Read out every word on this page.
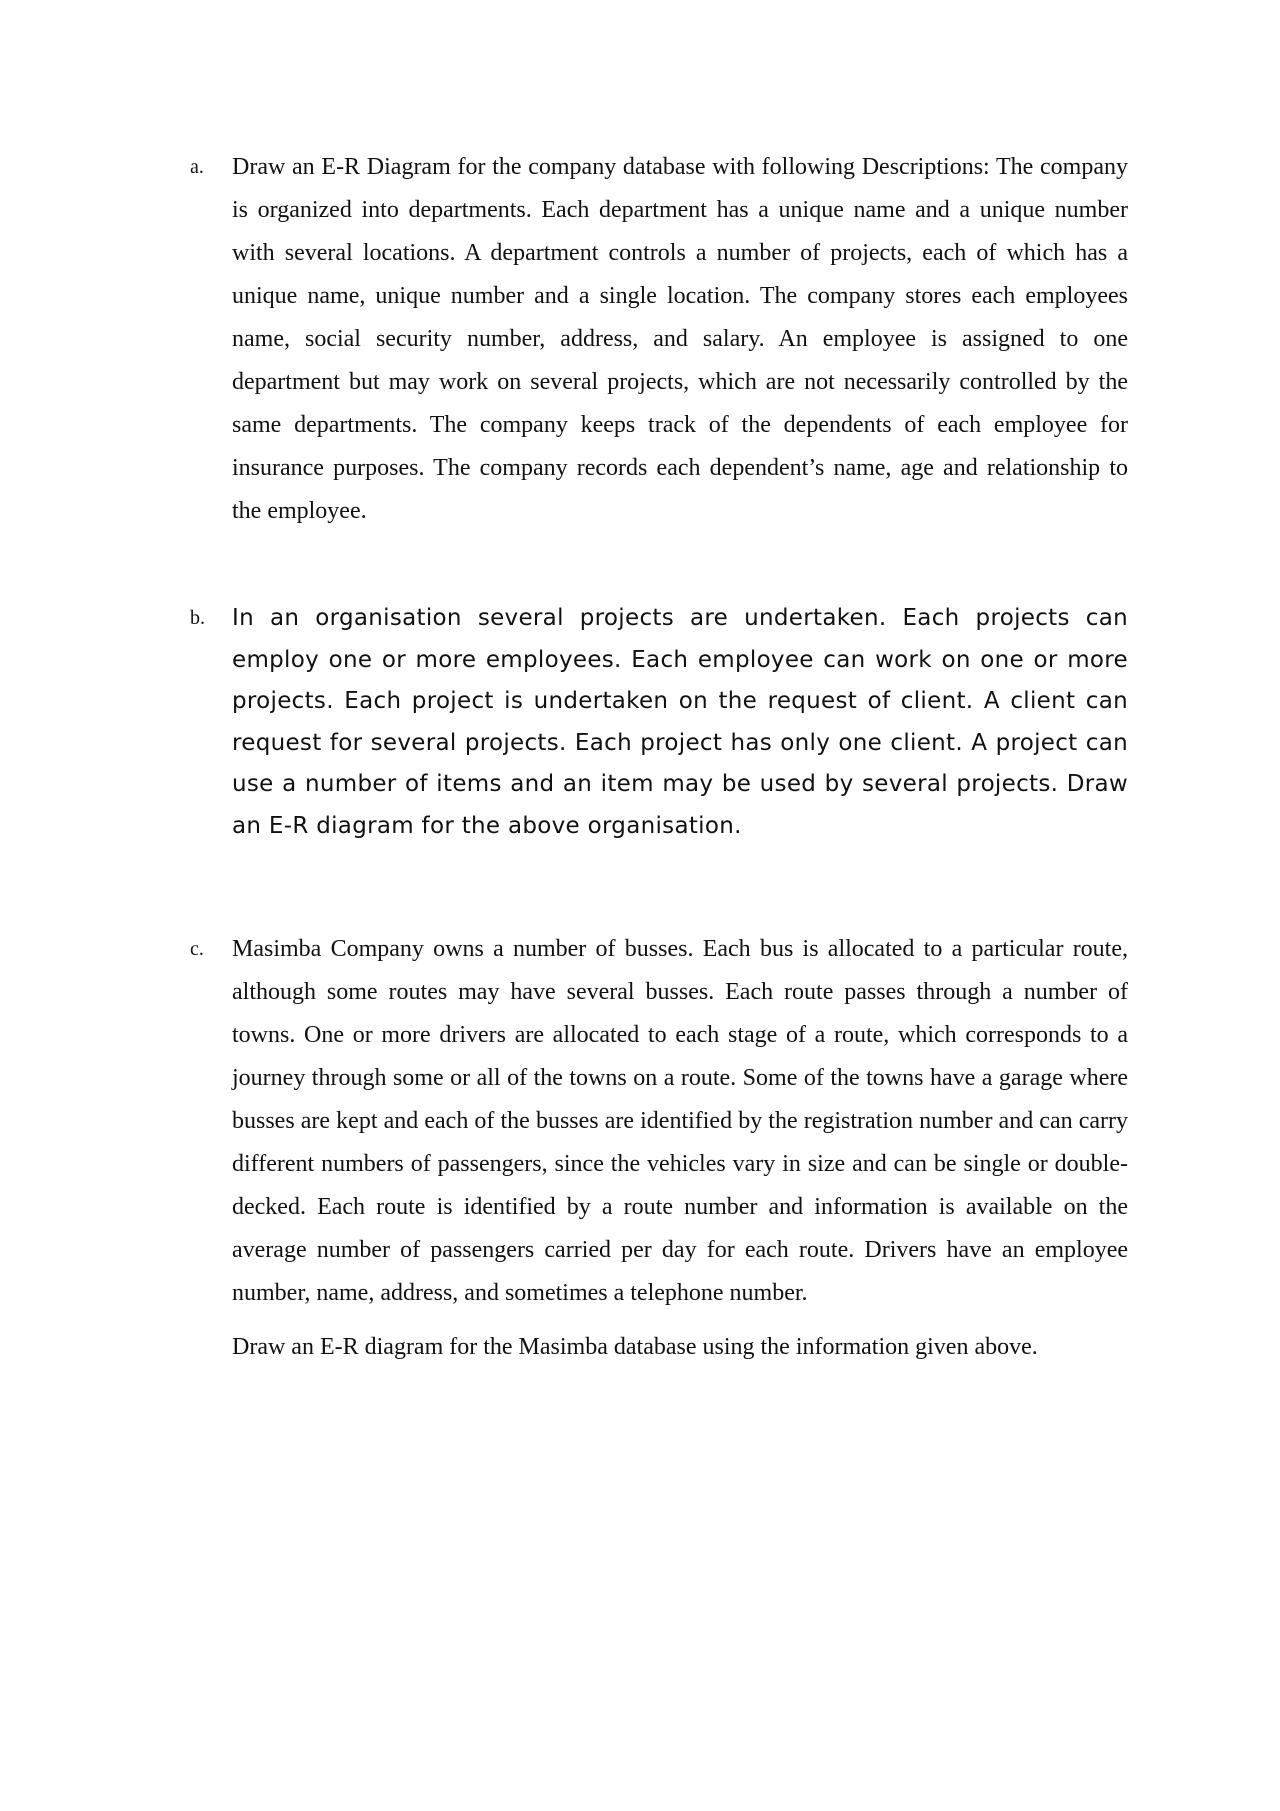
a.	Draw an E-R Diagram for the company database with following Descriptions: The company is organized into departments. Each department has a unique name and a unique number with several locations. A department controls a number of projects, each of which has a unique name, unique number and a single location. The company stores each employees name, social security number, address, and salary. An employee is assigned to one department but may work on several projects, which are not necessarily controlled by the same departments. The company keeps track of the dependents of each employee for insurance purposes. The company records each dependent’s name, age and relationship to the employee.

b.	In an organisation several projects are undertaken. Each projects can employ one or more employees. Each employee can work on one or more projects. Each project is undertaken on the request of client. A client can request for several projects. Each project has only one client. A project can use a number of items and an item may be used by several projects. Draw an E-R diagram for the above organisation.

c.	Masimba Company owns a number of busses. Each bus is allocated to a particular route, although some routes may have several busses. Each route passes through a number of towns. One or more drivers are allocated to each stage of a route, which corresponds to a journey through some or all of the towns on a route. Some of the towns have a garage where busses are kept and each of the busses are identified by the registration number and can carry different numbers of passengers, since the vehicles vary in size and can be single or double-decked. Each route is identified by a route number and information is available on the average number of passengers carried per day for each route. Drivers have an employee number, name, address, and sometimes a telephone number.

Draw an E-R diagram for the Masimba database using the information given above.
